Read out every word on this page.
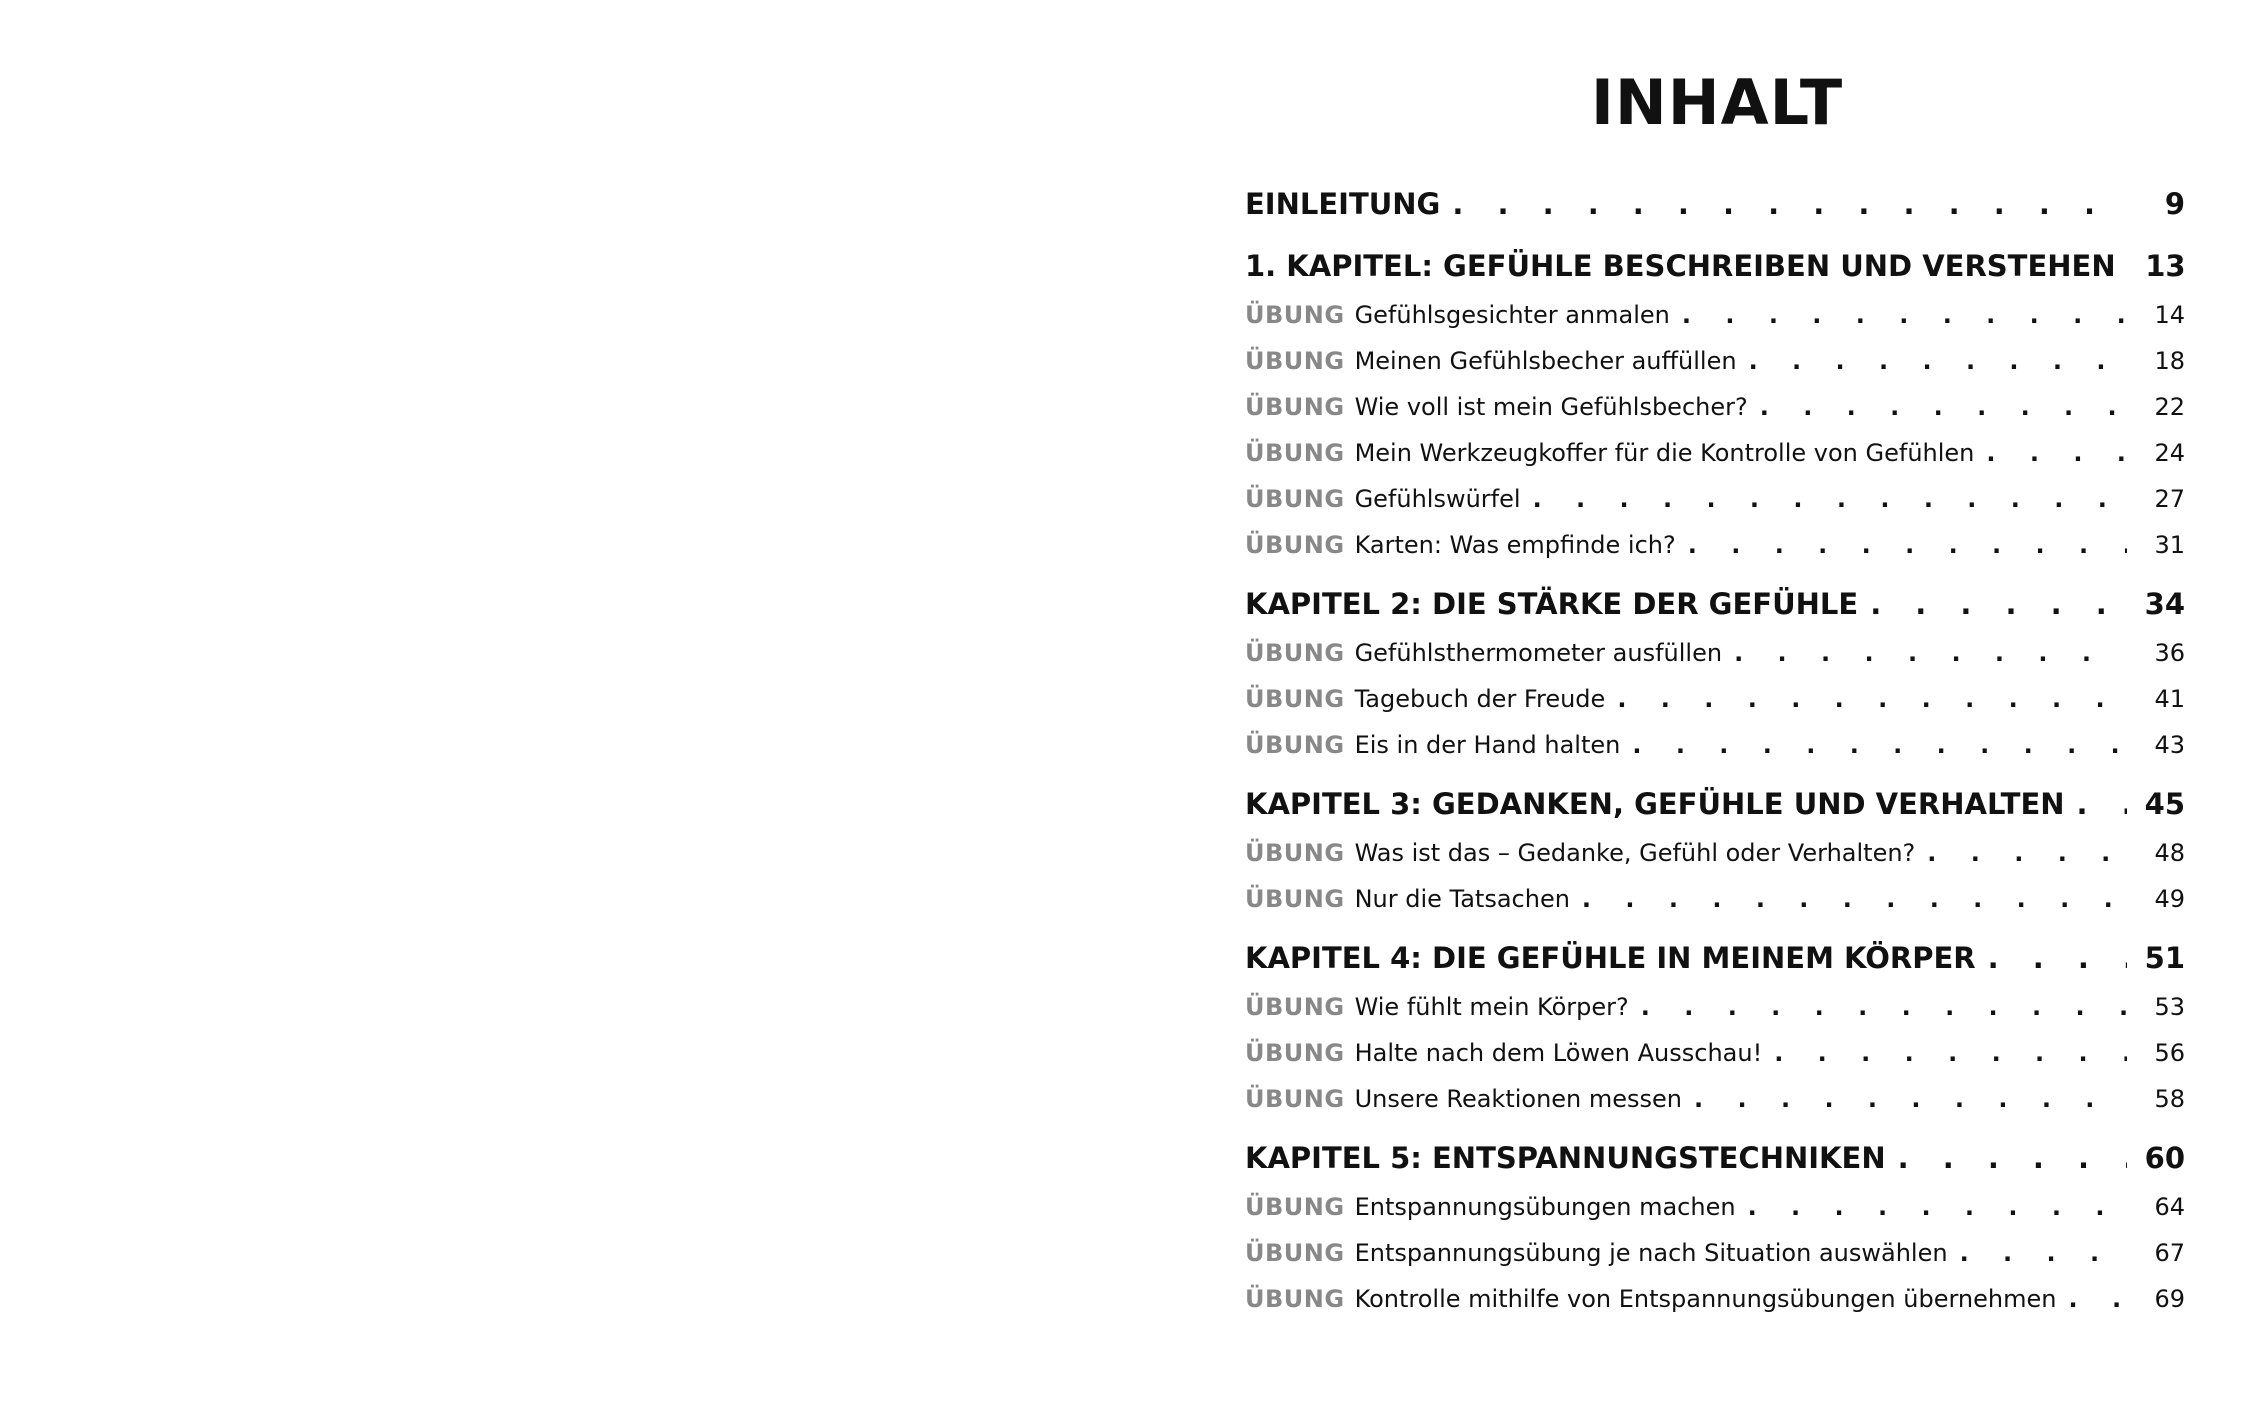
INHALT
EINLEITUNG . . .	9
1. KAPITEL: GEFÜHLE BESCHREIBEN UND VERSTEHEN	13
ÜBUNG Gefühlsgesichter anmalen . . .	14
ÜBUNG Meinen Gefühlsbecher auffüllen . . .	18
ÜBUNG Wie voll ist mein Gefühlsbecher? . . .	22
ÜBUNG Mein Werkzeugkoffer für die Kontrolle von Gefühlen . . .	24
ÜBUNG Gefühlswürfel . . .	27
ÜBUNG Karten: Was empfinde ich? . . .	31
KAPITEL 2: DIE STÄRKE DER GEFÜHLE . . .	34
ÜBUNG Gefühlsthermometer ausfüllen . . .	36
ÜBUNG Tagebuch der Freude . . .	41
ÜBUNG Eis in der Hand halten . . .	43
KAPITEL 3: GEDANKEN, GEFÜHLE UND VERHALTEN . . .	45
ÜBUNG Was ist das – Gedanke, Gefühl oder Verhalten? . . .	48
ÜBUNG Nur die Tatsachen . . .	49
KAPITEL 4: DIE GEFÜHLE IN MEINEM KÖRPER . . .	51
ÜBUNG Wie fühlt mein Körper? . . .	53
ÜBUNG Halte nach dem Löwen Ausschau! . . .	56
ÜBUNG Unsere Reaktionen messen . . .	58
KAPITEL 5: ENTSPANNUNGSTECHNIKEN . . .	60
ÜBUNG Entspannungsübungen machen . . .	64
ÜBUNG Entspannungsübung je nach Situation auswählen . . .	67
ÜBUNG Kontrolle mithilfe von Entspannungsübungen übernehmen . . .	69
